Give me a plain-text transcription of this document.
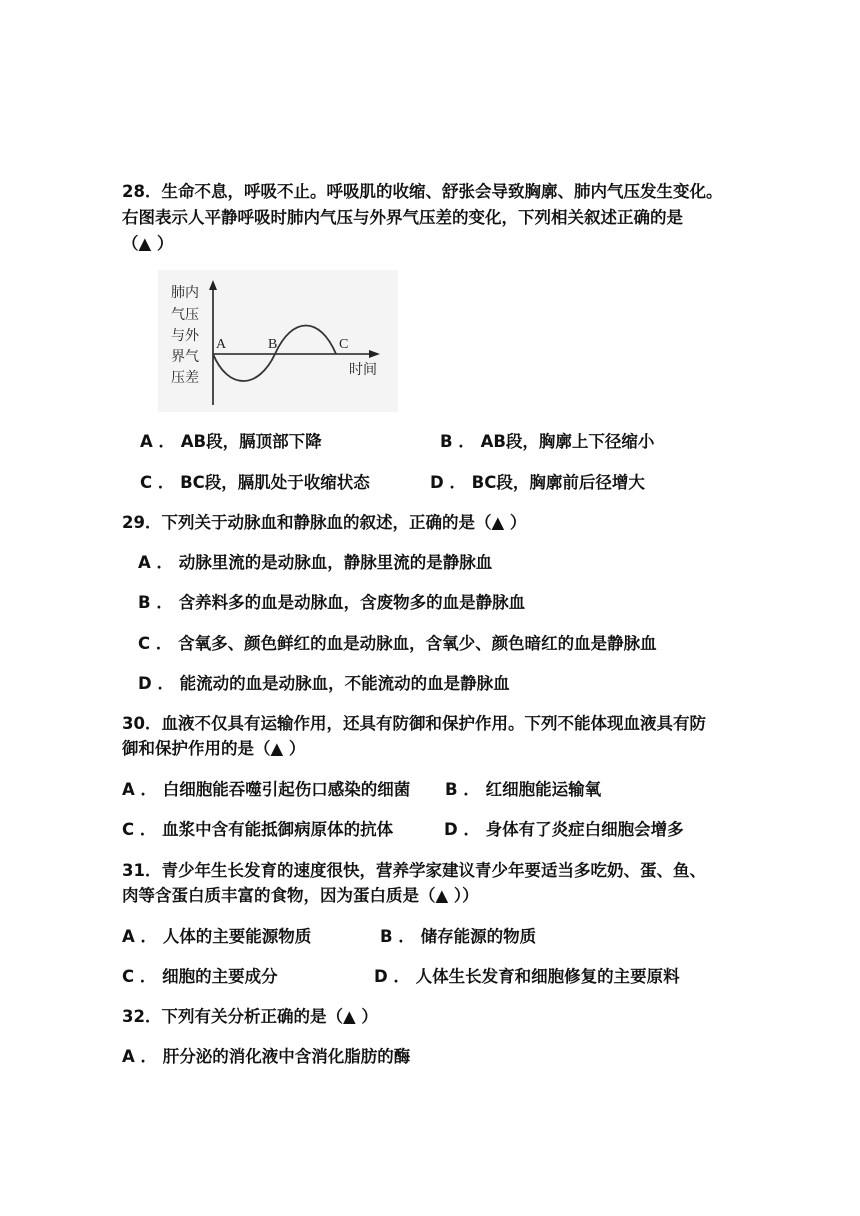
28．生命不息，呼吸不止。呼吸肌的收缩、舒张会导致胸廓、肺内气压发生变化。
右图表示人平静呼吸时肺内气压与外界气压差的变化，下列相关叙述正确的是
（▲ ）
肺内
气压
与外
界气
压差
A	B	C
时间
A ． AB段，膈顶部下降	B ． AB段，胸廓上下径缩小
C ． BC段，膈肌处于收缩状态	D ． BC段，胸廓前后径增大
29．下列关于动脉血和静脉血的叙述，正确的是（▲ ）
A ． 动脉里流的是动脉血，静脉里流的是静脉血
B ． 含养料多的血是动脉血，含废物多的血是静脉血
C ． 含氧多、颜色鲜红的血是动脉血，含氧少、颜色暗红的血是静脉血
D ． 能流动的血是动脉血，不能流动的血是静脉血
30．血液不仅具有运输作用，还具有防御和保护作用。下列不能体现血液具有防
御和保护作用的是（▲ ）
A ． 白细胞能吞噬引起伤口感染的细菌 B ． 红细胞能运输氧
C ． 血浆中含有能抵御病原体的抗体	D ． 身体有了炎症白细胞会增多
31．青少年生长发育的速度很快，营养学家建议青少年要适当多吃奶、蛋、鱼、
肉等含蛋白质丰富的食物，因为蛋白质是（▲ ））
A ． 人体的主要能源物质	B ． 储存能源的物质
C ． 细胞的主要成分	D ． 人体生长发育和细胞修复的主要原料
32．下列有关分析正确的是（▲ ）
A ． 肝分泌的消化液中含消化脂肪的酶
